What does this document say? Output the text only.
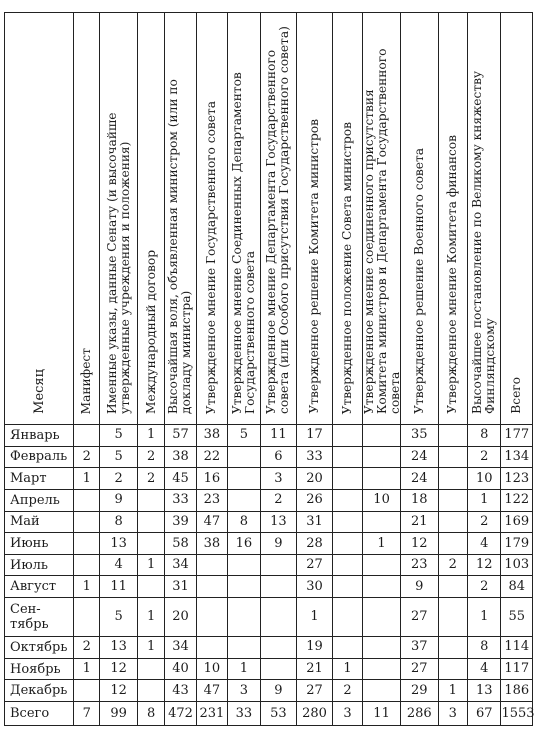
Месяц	Манифест	Именные указы, данные Сенату (и высочайше утвержденные учреждения и положения)	Международный договор	Высочайшая воля, объявленная министром (или по докладу министра)	Утвержденное мнение Государственного совета	Утвержденное мнение Соединенных Департаментов Государственного совета	Утвержденное мнение Департамента Государственного совета (или Особого присутствия Государственного совета)	Утвержденное решение Комитета министров	Утвержденное положение Совета министров	Утвержденное мнение соединенного присутствия Комитета министров и Департамента Государственного совета	Утвержденное решение Военного совета	Утвержденное мнение Комитета финансов	Высочайшее постановление по Великому княжеству Финляндскому	Всего
Январь		5	1	57	38	5	11	17			35		8	177
Февраль	2	5	2	38	22		6	33			24		2	134
Март	1	2	2	45	16		3	20			24		10	123
Апрель		9		33	23		2	26		10	18		1	122
Май		8		39	47	8	13	31			21		2	169
Июнь		13		58	38	16	9	28		1	12		4	179
Июль		4	1	34				27			23	2	12	103
Август	1	11		31				30			9		2	84
Сен- тябрь		5	1	20				1			27		1	55
Октябрь	2	13	1	34				19			37		8	114
Ноябрь	1	12		40	10	1		21	1		27		4	117
Декабрь		12		43	47	3	9	27	2		29	1	13	186
Всего	7	99	8	472	231	33	53	280	3	11	286	3	67	1553
